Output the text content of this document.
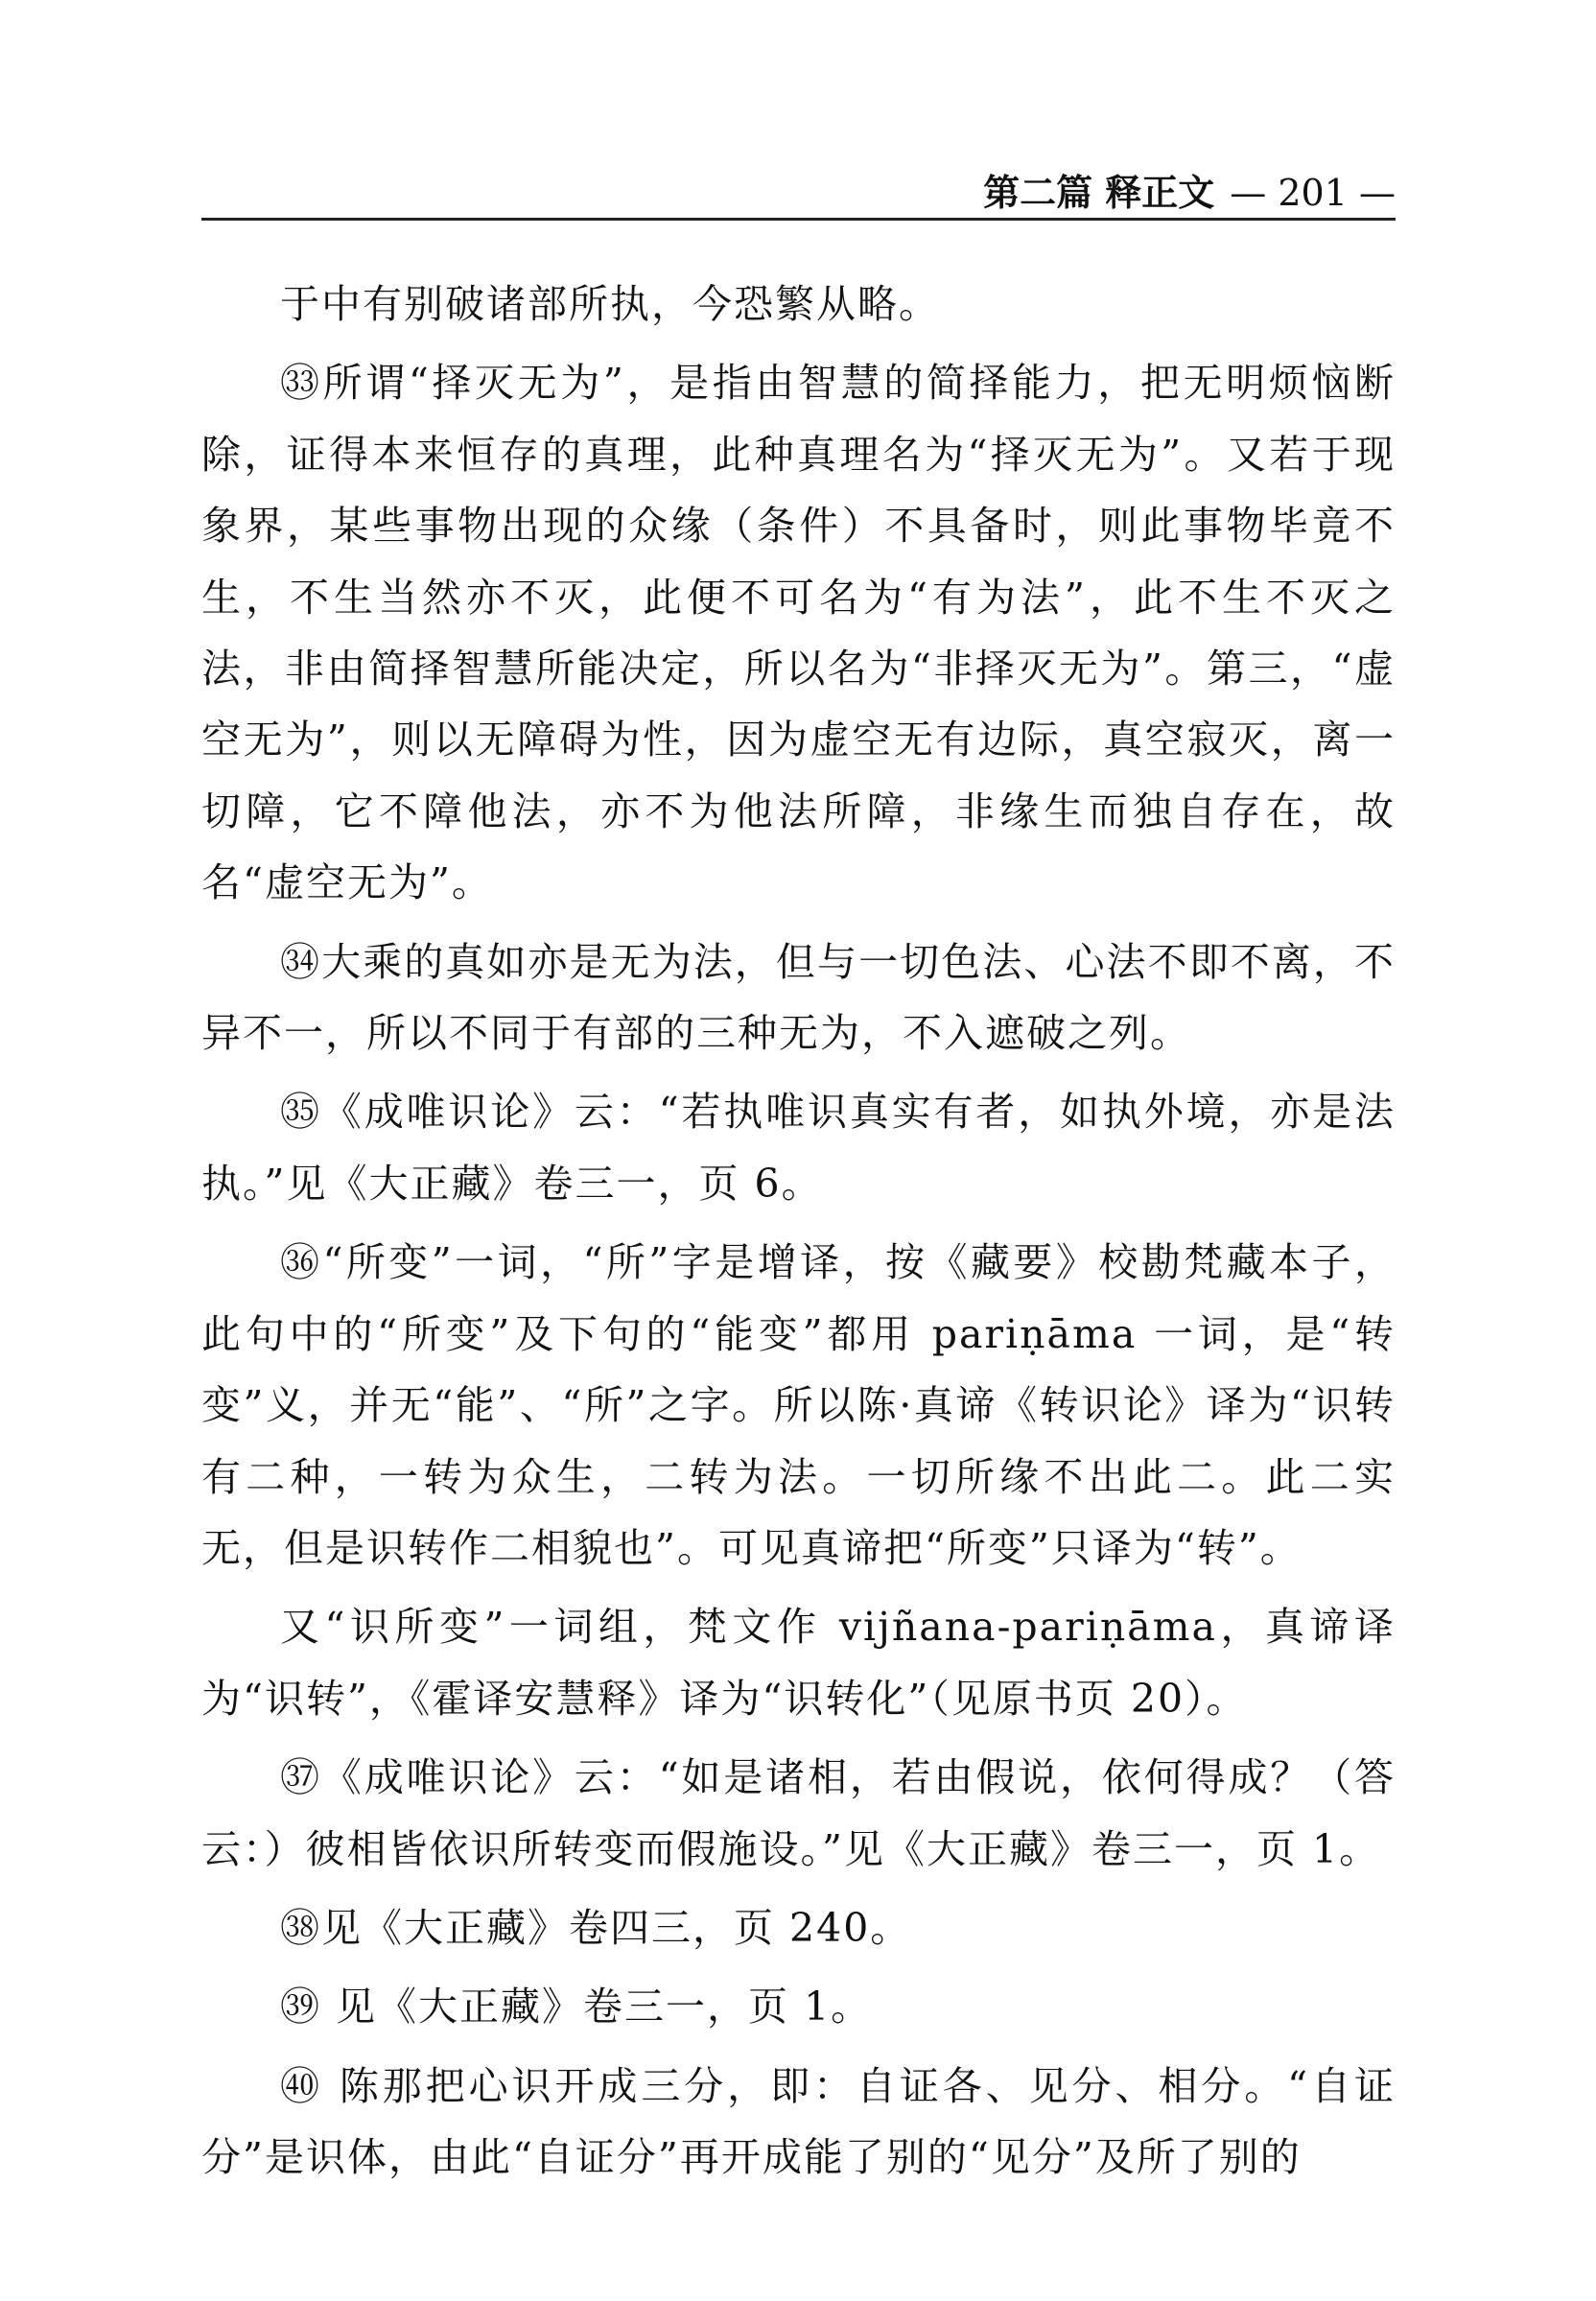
第二篇 释正文 — 201 —

于中有别破诸部所执，今恐繁从略。

㉝所谓“择灭无为”，是指由智慧的简择能力，把无明烦恼断除，证得本来恒存的真理，此种真理名为“择灭无为”。又若于现象界，某些事物出现的众缘（条件）不具备时，则此事物毕竟不生，不生当然亦不灭，此便不可名为“有为法”，此不生不灭之法，非由简择智慧所能决定，所以名为“非择灭无为”。第三，“虚空无为”，则以无障碍为性，因为虚空无有边际，真空寂灭，离一切障，它不障他法，亦不为他法所障，非缘生而独自存在，故名“虚空无为”。

㉞大乘的真如亦是无为法，但与一切色法、心法不即不离，不异不一，所以不同于有部的三种无为，不入遮破之列。

㉟《成唯识论》云：“若执唯识真实有者，如执外境，亦是法执。”见《大正藏》卷三一，页 6。

㊱“所变”一词，“所”字是增译，按《藏要》校勘梵藏本子，此句中的“所变”及下句的“能变”都用 pariṇāma 一词，是“转变”义，并无“能”、“所”之字。所以陈·真谛《转识论》译为“识转有二种，一转为众生，二转为法。一切所缘不出此二。此二实无，但是识转作二相貌也”。可见真谛把“所变”只译为“转”。

又“识所变”一词组，梵文作 vijñana-pariṇāma，真谛译为“识转”，《霍译安慧释》译为“识转化”（见原书页 20）。

㊲《成唯识论》云：“如是诸相，若由假说，依何得成？（答云：）彼相皆依识所转变而假施设。”见《大正藏》卷三一，页 1。

㊳见《大正藏》卷四三，页 240。

㊴ 见《大正藏》卷三一，页 1。

㊵ 陈那把心识开成三分，即：自证各、见分、相分。“自证分”是识体，由此“自证分”再开成能了别的“见分”及所了别的
